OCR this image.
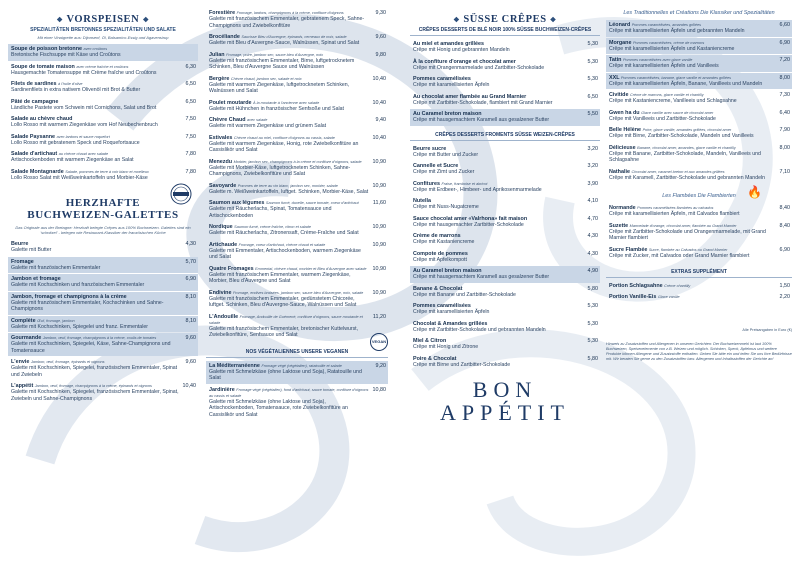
❖ VORSPEISEN ❖
SPEZIALITÄTEN BRETONNES SPEZIALITÄTEN UND SALATE
Mit einer Vinaigrette aus: Dijonsenf, Öl, Balsamico-Essig und Agavensirup
Soupe de poisson bretonne avec croûtons
Bretonische Fischsuppe mit Käse und Croûtons
Soupe de tomate maison avec crème fraîche et croûtons
Hausgemachte Tomatensuppe mit Crème fraîche und Croûtons
6,30
Filets de sardines à l'huile d'olive
Sardinenfilets in extra nativem Olivenöl mit Brot & Butter
6,50
Pâté de campagne
Ländliche Pastete vom Schwein mit Cornichons, Salat und Brot
6,50
Salade au chèvre chaud
Lollo Rosso mit warmem Ziegenkäse vom Hof Neubechenbruch
7,50
Salade Paysanne avec lardons et sauce roquefort
Lollo Rosso mit gebratenem Speck und Roquefortsauce
7,50
Salade d'artichaut au chèvre chaud avec salade
Artischockenboden mit warmem Ziegenkäse an Salat
7,80
Salade Montagnarde Salade, pommes de terre à voir blanc et moelleux
Lollo Rosso Salat mit Weißweinkartoffeln und Morbier-Käse
7,80
HERZHAFTE
BUCHWEIZEN-GALETTES
Das Originale aus der Bretagne: Herzhaft belegte Crêpes aus 100% Buchweizen. Galettes sind ein 'schnitzel' - belegen wie Restaurant-Klassiker der französischen Küche
Beurre
Galette mit Butter
4,30
Fromage
Galette mit französischem Emmentaler
5,70
Jambon et fromage
Galette mit Kochschinken und französischem Emmentaler
6,90
Jambon, fromage et champignons à la crème
Galette mit französischem Emmentaler, Kochschinken und Sahne-Champignons
8,10
Complète Œuf, fromage, jambon
Galette mit Kochschinken, Spiegelei und franz. Emmentaler
8,10
Gourmande Jambon, œuf, fromage, champignons à la crème, coulis de tomates
Galette mit Kochschinken, Spiegelei, Käse, Sahne-Champignons und Tomatensauce
9,60
L'envie Jambon, œuf, fromage, épinards et oignons
Galette mit Kochschinken, Spiegelei, französischem Emmentaler, Spinat und Zwiebeln
9,60
L'appétit Jambon, œuf, fromage, champignons à la crème, épinards et oignons
Galette mit Kochschinken, Spiegelei, französischem Emmentaler, Spinat, Zwiebeln und Sahne-Champignons
10,40
Forestière Fromage, lardons, champignons à la crème, confiture d'oignons
Galette mit französischem Emmentaler, gebratenem Speck, Sahne-Champignons und Zwiebelkonfitüre
9,30
Brocéliande Saucisse Bleu d'Auvergne, épinards, cerneaux de noix, salade
Galette mit Bleu d'Auvergne-Sauce, Walnüssen, Spinat und Salat
9,60
Julian Fromage, poire, jambon sec, sauce bleu d'Auvergne, noix
Galette mit französischem Emmentaler, Birne, luftgetrocknetem Schinken, Bleu d'Auvergne Sauce und Walnüssen
9,80
Bergère Chèvre chaud, jambon sec, salade et noix
Galette mit warmem Ziegenkäse, luftgetrocknetem Schinken, Walnüssen und Salat
10,40
Poulet moutarde À la moutarde à l'ancienne avec salade
Galette mit Hühnchen in französischer Senfsoße und Salat
10,40
Chèvre Chaud avec salade
Galette mit warmem Ziegenkäse und grünem Salat
9,40
Estivales Chèvre chaud au miel, confiture d'oignons au cassis, salade
Galette mit warmem Ziegenkäse, Honig, rote Zwiebelkonfitüre an Cassislikör und Salat
10,40
Menezdu Morbier, jambon sec, champignons à la crème et confiture d'oignons, salade
Galette mit Morbier-Käse, luftgetrocknetem Schinken, Sahne-Champignons, Zwiebelkonfitüre und Salat
10,90
Savoyarde Pommes de terre au vin blanc, jambon sec, morbier, salade
Galette m. Weißweinkartoffeln, luftget. Schinken, Morbier-Käse, Salat
10,90
Saumon aux légumes Saumon fumé, duxelle, sauce tomate, coeur d'artichaut
Galette mit Räucherlachs, Spinat, Tomatensauce und Artischockenboden
11,60
Nordique Saumon fumé, crème fraîche, citron et salade
Galette mit Räucherlachs, Zitronensaft, Crème-Fraîche und Salat
10,90
Artichaude Fromage, coeur d'artichaut, chèvre chaud et salade
Galette mit Emmentaler, Artischockenboden, warmem Ziegenkäse und Salat
10,90
Quatre Fromages Emmental, chèvre chaud, morbier et Bleu d'Auvergne avec salade
Galette mit französischem Emmentaler, warmem Ziegenkäse, Morbier, Bleu d'Auvergne und Salat
10,90
Endivine Fromage, endives braisées, jambon sec, sauce bleu d'Auvergne, noix, salade
Galette mit französischem Emmentaler, gedünstetem Chicorée, luftget. Schinken, Bleu d'Auvergne-Sauce, Walnüssen und Salat
10,90
L'Andouille Fromage, Andouille de Guémené, confiture d'oignons, sauce moutarde et salade
Galette mit französischem Emmentaler, bretonischer Kuttelwurst, Zwiebelkonfitüre, Senfsauce und Salat
11,20
NOS VÉGÉTALIENNES UNSERE VEGANEN
VEGAN
La Méditerranéenne Fromage végé (végétalien), ratatouille et salade
Galette mit Schmelzkäse (ohne Laktose und Soja), Ratatouille und Salat
9,20
Jardinière Fromage végé (végétalien), fond d'artichaut, sauce tomate, confiture d'oignons au cassis et salade
Galette mit Schmelzkäse (ohne Laktose und Soja), Artischockenboden, Tomatensauce, rote Zwiebelkonfitüre an Cassislikör und Salat
10,80
❖ SÜSSE CRÊPES ❖
CRÊPES DESSERTS DE BLÉ NOIR 100% SÜSSE BUCHWEIZEN-CRÊPES
Au miel et amandes grillées
Crêpe mit Honig und gebrannten Mandeln
5,30
À la confiture d'orange et chocolat amer
Crêpe mit Orangenmarmelade und Zartbitter-Schokolade
5,30
Pommes caramélisées
Crêpe mit karamellisierten Äpfeln
5,30
Au chocolat amer flambée au Grand Marnier
Crêpe mit Zartbitter-Schokolade, flambiert mit Grand Marnier
6,50
Au Caramel breton maison
Crêpe mit hausgemachtem Karamell aus gesalzener Butter
5,50
CRÊPES DESSERTS FROMENTS SÜSSE WEIZEN-CRÊPES
Beurre sucre
Crêpe mit Butter und Zucker
3,20
Cannelle et Sucre
Crêpe mit Zimt und Zucker
3,20
Confitures Fraise, framboise et abricot
Crêpe mit Erdbeer-, Himbeer- und Aprikosenmarmelade
3,90
Nutella
Crêpe mit Nuss-Nugatcreme
4,10
Sauce chocolat amer «Valrhona» fait maison
Crêpe mit hausgemachter Zartbitter-Schokolade
4,70
Crème de marrons
Crêpe mit Kastaniencreme
4,30
Compote de pommes
Crêpe mit Apfelkompott
4,30
Au Caramel breton maison
Crêpe mit hausgemachtem Karamell aus gesalzener Butter
4,90
Banane & Chocolat
Crêpe mit Banane und Zartbitter-Schokolade
5,80
Pommes caramélisées
Crêpe mit karamellisierten Äpfeln
5,30
Chocolat & Amandes grillées
Crêpe mit Zartbitter-Schokolade und gebrannten Mandeln
5,30
Miel & Citron
Crêpe mit Honig und Zitrone
5,30
Poire & Chocolat
Crêpe mit Birne und Zartbitter-Schokolade
5,80
BON
APPÉTIT
Les Traditionnelles et Créations Die Klassiker und Spezialitäten
Léonard Pommes caramélisées, amandes grillées
Crêpe mit karamellisierten Äpfeln und gebrannten Mandeln
6,60
Morgane Pommes caramélisées, crème de marrons
Crêpe mit karamellisierten Äpfeln und Kastaniencreme
6,90
Tatin Pommes caramélisées avec glace vanille
Crêpe mit karamellisierten Äpfeln und Vanilleeis
7,20
XXL Pommes caramélisées, banane, glace vanille et amandes grillées
Crêpe mit karamellisierten Äpfeln, Banane, Vanilleeis und Mandeln
8,00
Civitide Crème de marrons, glace vanille et chantilly
Crêpe mit Kastaniencreme, Vanilleeis und Schlagsahne
7,30
Gwen ha du Glace vanille avec sauce de chocolat amer
Crêpe mit Vanilleeis und Zartbitter-Schokolade
6,40
Belle Hélène Poire, glace vanille, amandes grillées, chocolat amer
Crêpe mit Birne, Zartbitter-Schokolade, Mandeln und Vanilleeis
7,90
Délicieuse Banane, chocolat amer, amandes, glace vanille et chantilly
Crêpe mit Banane, Zartbitter-Schokolade, Mandeln, Vanilleeis und Schlagsahne
8,00
Nathalie Chocolat amer, caramel breton et aux amandes grillées
Crêpe mit Karamell, Zartbitter-Schokolade und gebrannten Mandeln
7,10
Les Flambées Die Flambierten 🔥
Normande Pommes caramélisées flambées au calvados
Crêpe mit karamellisierten Äpfeln, mit Calvados flambiert
8,40
Suzette Marmelade d'orange, chocolat amer, flambée au Grand Marnier
Crêpe mit Zartbitter-Schokolade und Orangenmarmelade, mit Grand Marnier flambiert
8,40
Sucre Flambée Sucre, flambée au Calvados ou Grand Marnier
Crêpe mit Zucker, mit Calvados oder Grand Marnier flambiert
6,90
EXTRAS SUPPLÉMENT
Portion Schlagsahne Crème chantilly	1,50
Portion Vanille-Eis Glace vanille	2,20
Alle Preisangaben in Euro (€)
Hinweis zu Zusatzstoffen und Allergenen in unseren Gerichten: Der Buchweizenmehl ist laut 100% Buchweizen, Speisenelemente von z.B. Weizen und möglich. Schinken, Speck, Äpfelmus und weitere Produkte können Allergene und Zusatzstoffe enthalten. Geben Sie bitte ein und teilen Sie uns Ihre Bedürfnisse mit. Wir beraten Sie gerne zu den Zusatzstoffen bzw. Allergenen und Inhaltsstoffen der Gerichte an!
